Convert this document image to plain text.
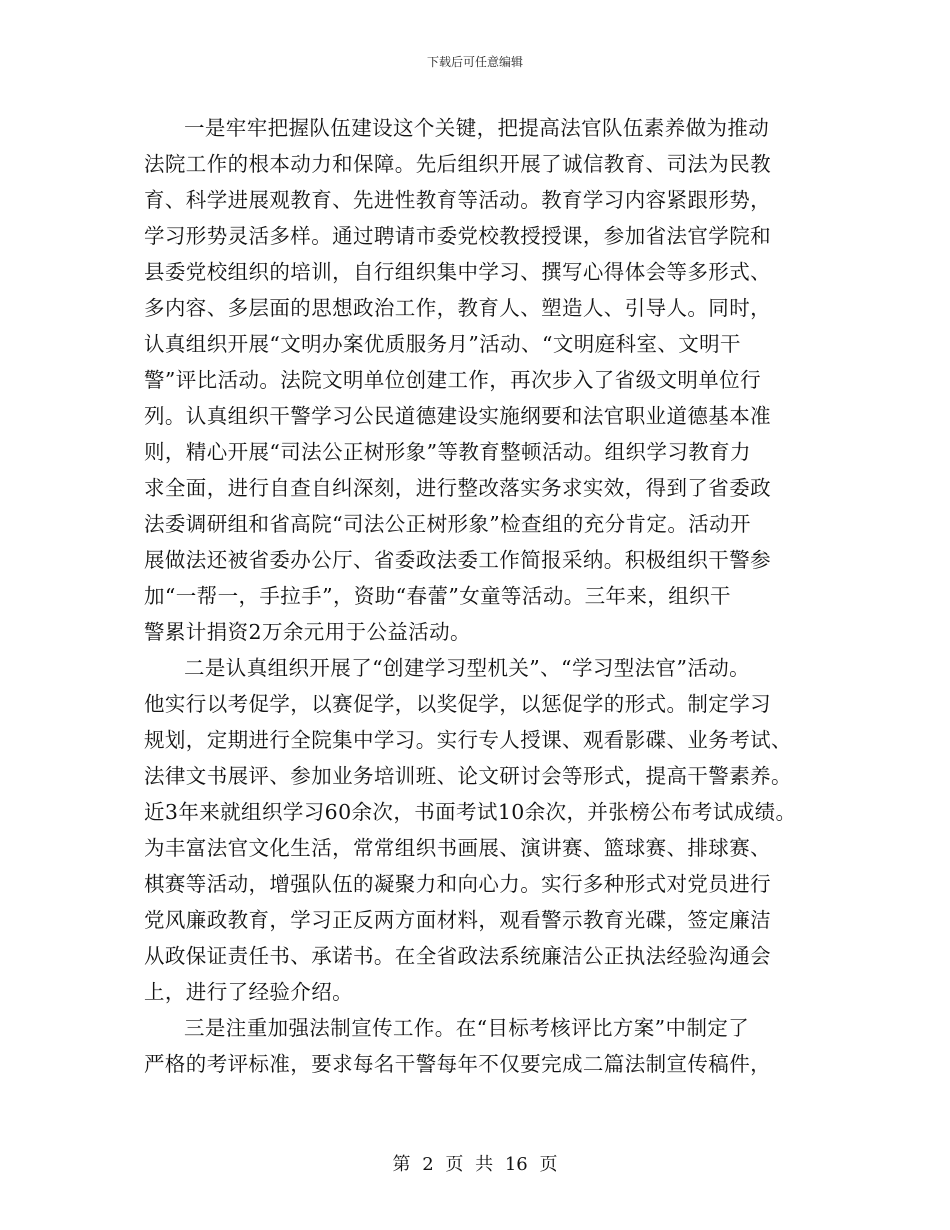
下载后可任意编辑
一是牢牢把握队伍建设这个关键，把提高法官队伍素养做为推动
法院工作的根本动力和保障。先后组织开展了诚信教育、司法为民教
育、科学进展观教育、先进性教育等活动。教育学习内容紧跟形势，
学习形势灵活多样。通过聘请市委党校教授授课，参加省法官学院和
县委党校组织的培训，自行组织集中学习、撰写心得体会等多形式、
多内容、多层面的思想政治工作，教育人、塑造人、引导人。同时，
认真组织开展“文明办案优质服务月”活动、“文明庭科室、文明干
警”评比活动。法院文明单位创建工作，再次步入了省级文明单位行
列。认真组织干警学习公民道德建设实施纲要和法官职业道德基本准
则，精心开展“司法公正树形象”等教育整顿活动。组织学习教育力
求全面，进行自查自纠深刻，进行整改落实务求实效，得到了省委政
法委调研组和省高院“司法公正树形象”检查组的充分肯定。活动开
展做法还被省委办公厅、省委政法委工作简报采纳。积极组织干警参
加“一帮一，手拉手”，资助“春蕾”女童等活动。三年来，组织干
警累计捐资2万余元用于公益活动。
二是认真组织开展了“创建学习型机关”、“学习型法官”活动。
他实行以考促学，以赛促学，以奖促学，以惩促学的形式。制定学习
规划，定期进行全院集中学习。实行专人授课、观看影碟、业务考试、
法律文书展评、参加业务培训班、论文研讨会等形式，提高干警素养。
近3年来就组织学习60余次，书面考试10余次，并张榜公布考试成绩。
为丰富法官文化生活，常常组织书画展、演讲赛、篮球赛、排球赛、
棋赛等活动，增强队伍的凝聚力和向心力。实行多种形式对党员进行
党风廉政教育，学习正反两方面材料，观看警示教育光碟，签定廉洁
从政保证责任书、承诺书。在全省政法系统廉洁公正执法经验沟通会
上，进行了经验介绍。
三是注重加强法制宣传工作。在“目标考核评比方案”中制定了
严格的考评标准，要求每名干警每年不仅要完成二篇法制宣传稿件，
第 2 页 共 16 页
